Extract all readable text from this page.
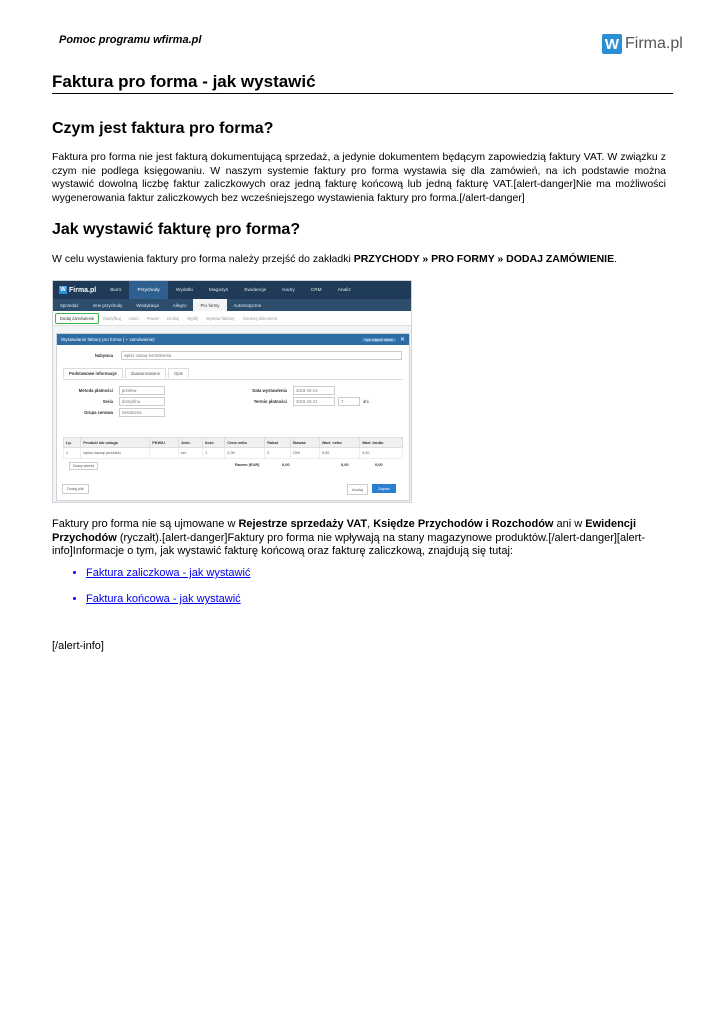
Pomoc programu wfirma.pl	W Firma.pl
Faktura pro forma - jak wystawić
Czym jest faktura pro forma?
Faktura pro forma nie jest fakturą dokumentującą sprzedaż, a jedynie dokumentem będącym zapowiedzią faktury VAT. W związku z czym nie podlega księgowaniu. W naszym systemie faktury pro forma wystawia się dla zamówień, na ich podstawie można wystawić dowolną liczbę faktur zaliczkowych oraz jedną fakturę końcową lub jedną fakturę VAT.[alert-danger]Nie ma możliwości wygenerowania faktur zaliczkowych bez wcześniejszego wystawienia faktury pro forma.[/alert-danger]
Jak wystawić fakturę pro forma?
W celu wystawienia faktury pro forma należy przejść do zakładki PRZYCHODY » PRO FORMY » DODAJ ZAMÓWIENIE.
W Firma.pl	Biuro	Przychody	Wydatki	Magazyn	Ewidencje	Kadry	CRM	Analiz
Sprzedaż	Inne przychody	Windykacja	Allegro	Pro formy	Automatyczne
Dodaj zamówienie	Modyfikuj	Usuń	Powiel	Drukuj	Wyślij	Wystaw fakturę	Generuj dokument
Wystawianie faktury pro forma ( + zamówienie)	tryb zdjęcie ramie	✕
Nabywca	wpisz nazwę kontrahenta
Podstawowe informacje	Zaawansowane	Opis
Metoda płatności	przelew
Seria	domyślna
Grupa cenowa	Detaliczna
Data wystawienia	2016-10-14
Termin płatności	2016-10-21	7	dni
Lp.	Produkt lub usługa	PKWiU	Jedn.	Ilość	Cena netto	Rabat	Stawka	Wart. netto	Wart. brutto
1	wpisz nazwę produktu		szt.	1	0,00	0	23%	0,00	0,00
Nowy wiersz	Razem (EUR)	0,00	0,00	0,00
Dodaj plik	Anuluj	Zapisz
Faktury pro forma nie są ujmowane w Rejestrze sprzedaży VAT, Księdze Przychodów i Rozchodów ani w Ewidencji Przychodów (ryczałt).[alert-danger]Faktury pro forma nie wpływają na stany magazynowe produktów.[/alert-danger][alert-info]Informacje o tym, jak wystawić fakturę końcową oraz fakturę zaliczkową, znajdują się tutaj:
• Faktura zaliczkowa - jak wystawić
• Faktura końcowa - jak wystawić
[/alert-info]
